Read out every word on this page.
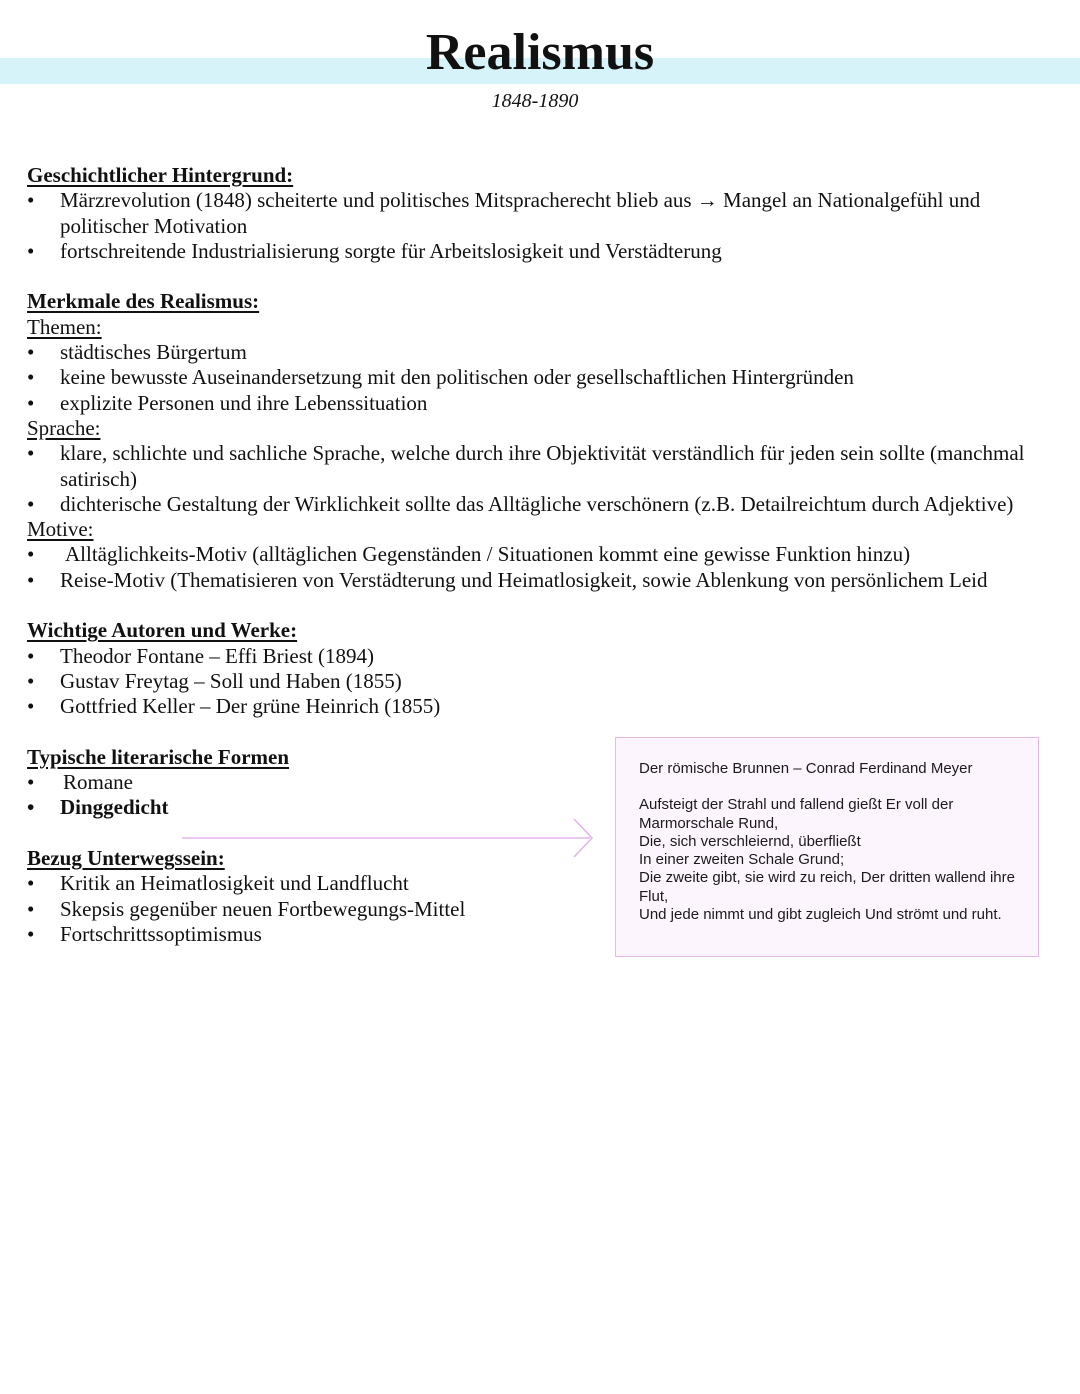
Realismus
1848-1890
Geschichtlicher Hintergrund:
• Märzrevolution (1848) scheiterte und politisches Mitspracherecht blieb aus → Mangel an Nationalgefühl und politischer Motivation
• fortschreitende Industrialisierung sorgte für Arbeitslosigkeit und Verstädterung
Merkmale des Realismus:
Themen:
• städtisches Bürgertum
• keine bewusste Auseinandersetzung mit den politischen oder gesellschaftlichen Hintergründen
• explizite Personen und ihre Lebenssituation
Sprache:
• klare, schlichte und sachliche Sprache, welche durch ihre Objektivität verständlich für jeden sein sollte (manchmal satirisch)
• dichterische Gestaltung der Wirklichkeit sollte das Alltägliche verschönern (z.B. Detailreichtum durch Adjektive)
Motive:
• Alltäglichkeits-Motiv (alltäglichen Gegenständen / Situationen kommt eine gewisse Funktion hinzu)
• Reise-Motiv (Thematisieren von Verstädterung und Heimatlosigkeit, sowie Ablenkung von persönlichem Leid
Wichtige Autoren und Werke:
• Theodor Fontane – Effi Briest (1894)
• Gustav Freytag – Soll und Haben (1855)
• Gottfried Keller – Der grüne Heinrich (1855)
Typische literarische Formen
• Romane
• Dinggedicht
Bezug Unterwegssein:
• Kritik an Heimatlosigkeit und Landflucht
• Skepsis gegenüber neuen Fortbewegungs-Mittel
• Fortschrittssoptimismus
Der römische Brunnen – Conrad Ferdinand Meyer
Aufsteigt der Strahl und fallend gießt Er voll der Marmorschale Rund,
Die, sich verschleiernd, überfließt
In einer zweiten Schale Grund;
Die zweite gibt, sie wird zu reich, Der dritten wallend ihre Flut,
Und jede nimmt und gibt zugleich Und strömt und ruht.
